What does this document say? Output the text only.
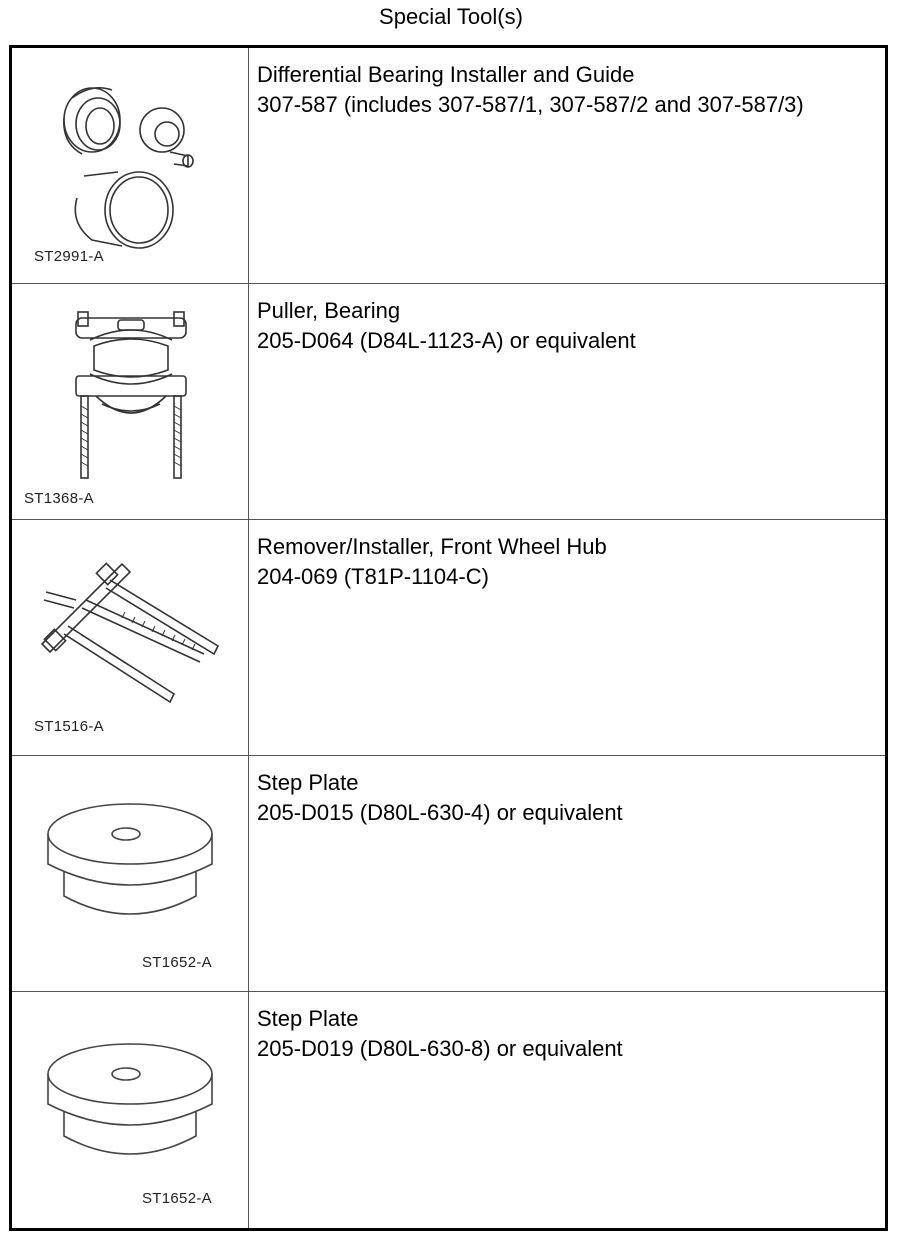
Special Tool(s)
ST2991-A
Differential Bearing Installer and Guide
307-587 (includes 307-587/1, 307-587/2 and 307-587/3)
ST1368-A
Puller, Bearing
205-D064 (D84L-1123-A) or equivalent
ST1516-A
Remover/Installer, Front Wheel Hub
204-069 (T81P-1104-C)
ST1652-A
Step Plate
205-D015 (D80L-630-4) or equivalent
ST1652-A
Step Plate
205-D019 (D80L-630-8) or equivalent
